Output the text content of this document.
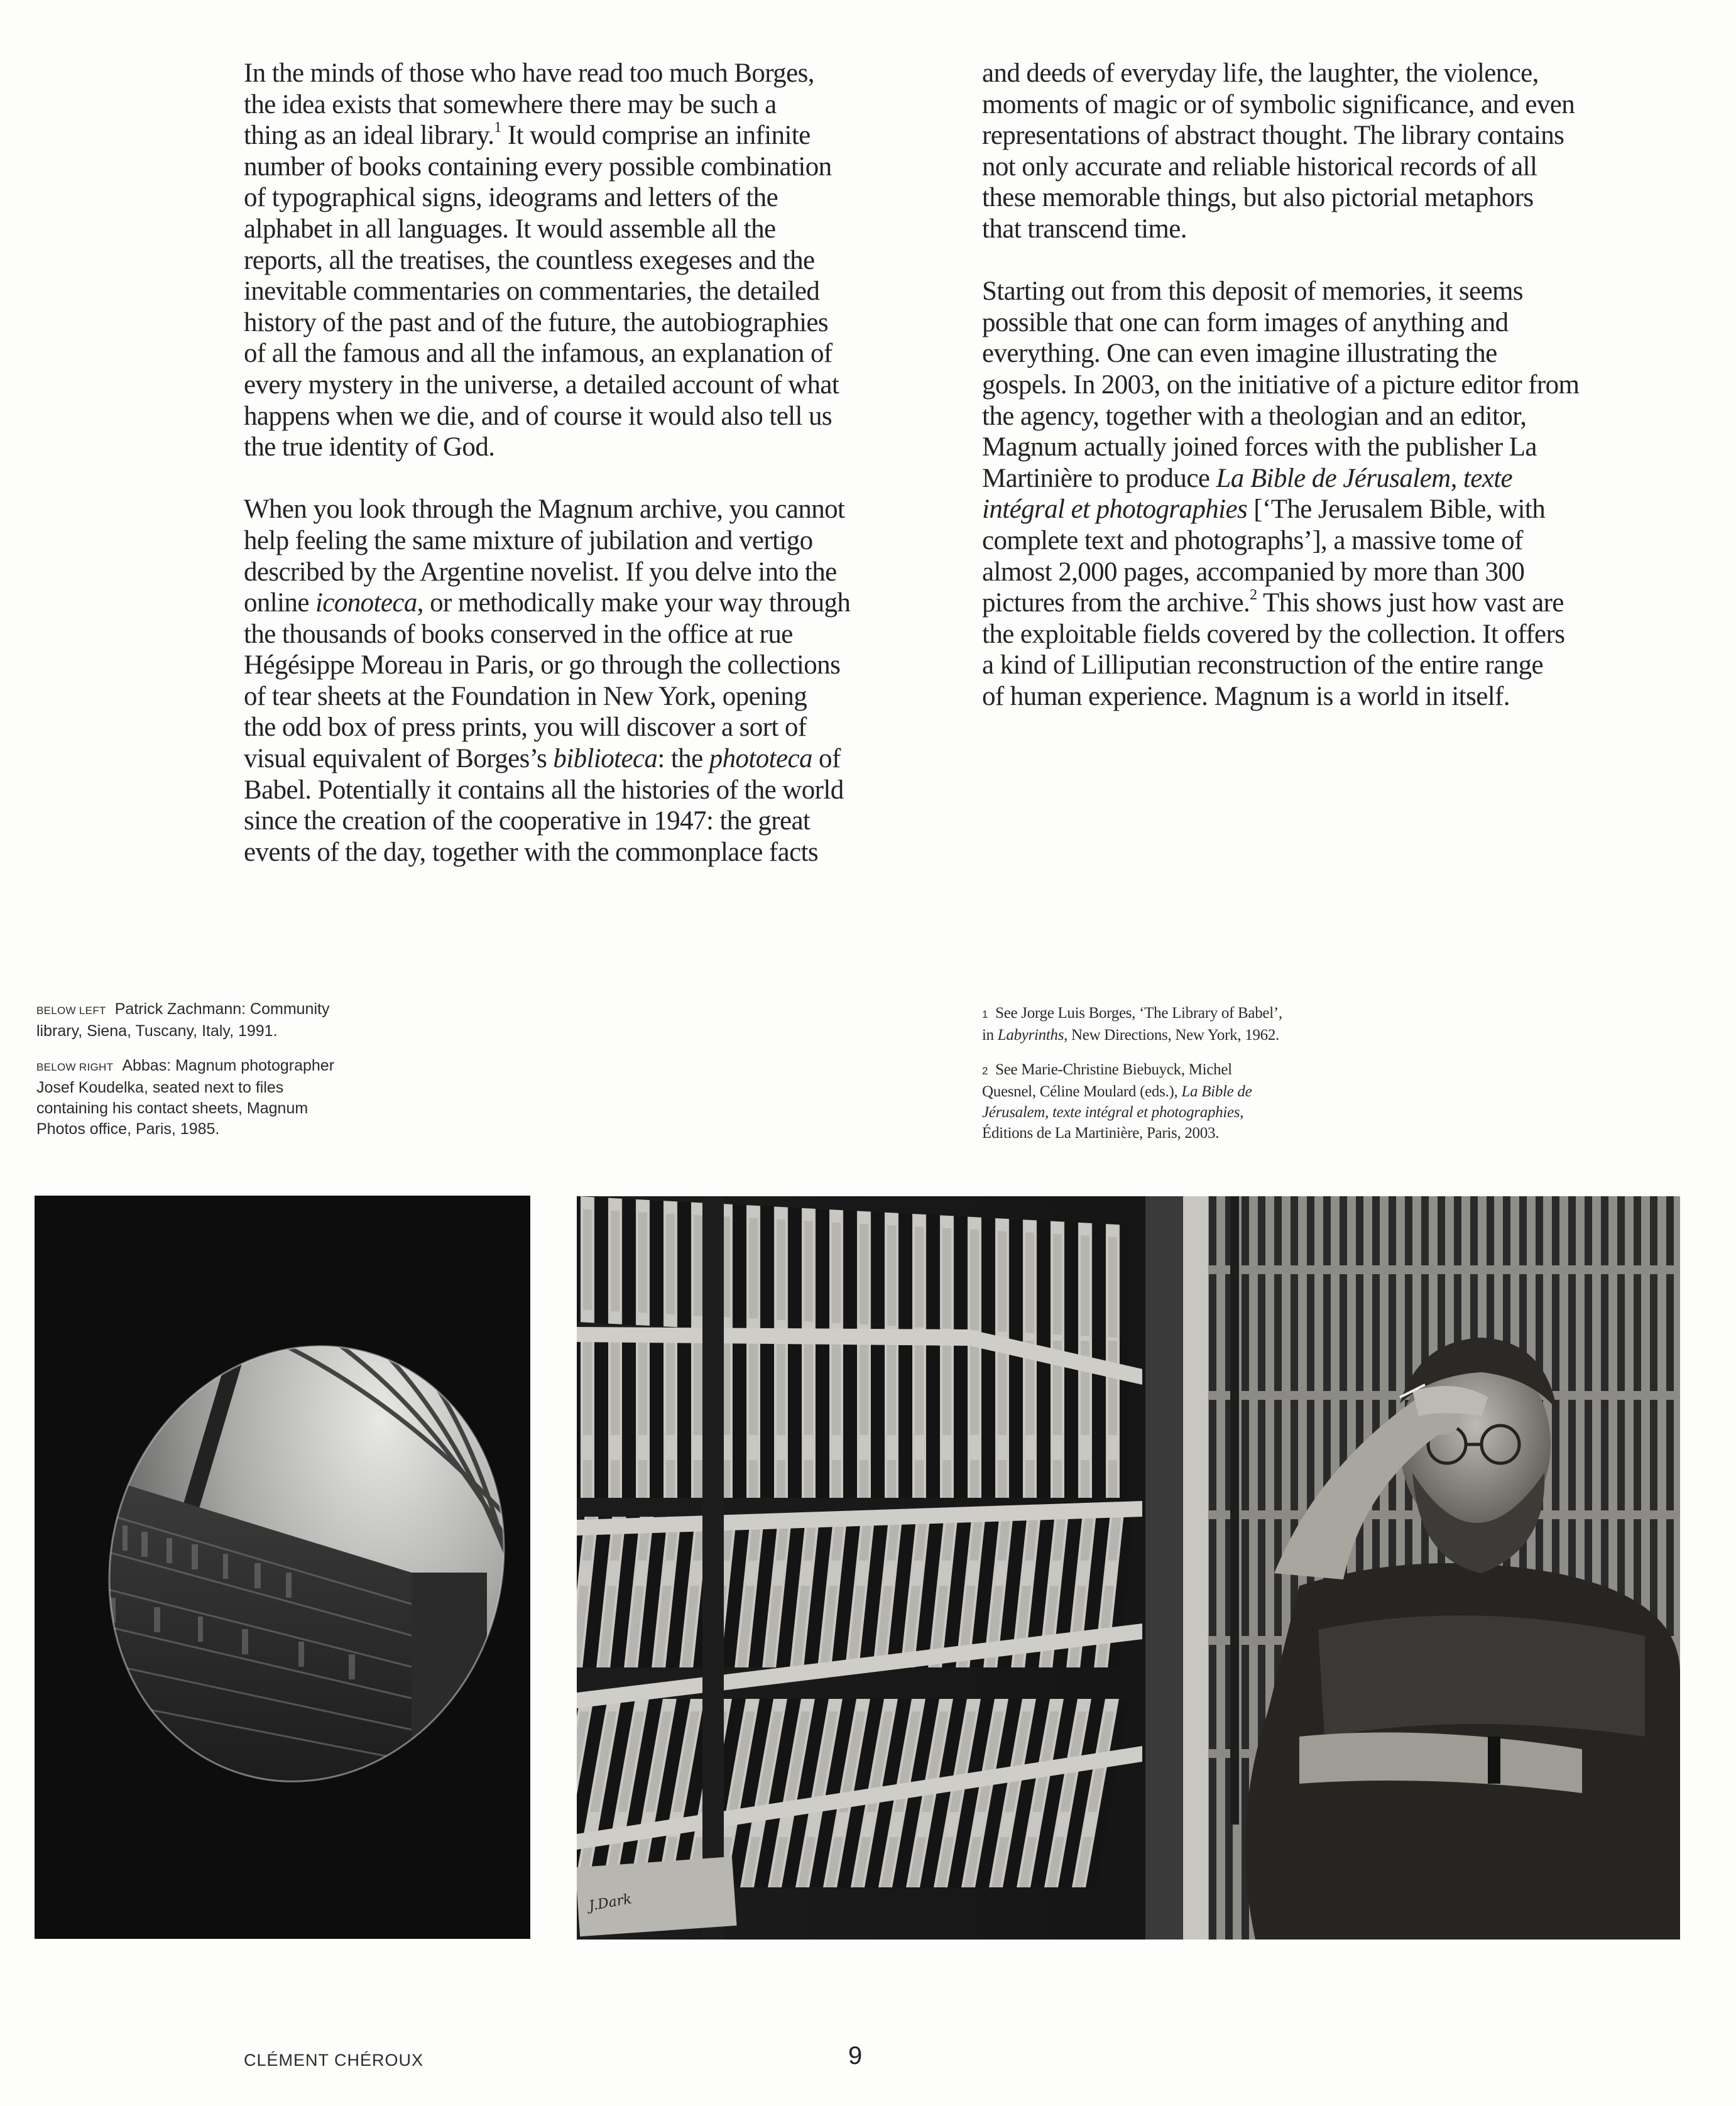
In the minds of those who have read too much Borges,
the idea exists that somewhere there may be such a
thing as an ideal library.$^1$ It would comprise an infinite
number of books containing every possible combination
of typographical signs, ideograms and letters of the
alphabet in all languages. It would assemble all the
reports, all the treatises, the countless exegeses and the
inevitable commentaries on commentaries, the detailed
history of the past and of the future, the autobiographies
of all the famous and all the infamous, an explanation of
every mystery in the universe, a detailed account of what
happens when we die, and of course it would also tell us
the true identity of God.

When you look through the Magnum archive, you cannot
help feeling the same mixture of jubilation and vertigo
described by the Argentine novelist. If you delve into the
online iconoteca, or methodically make your way through
the thousands of books conserved in the office at rue
Hégésippe Moreau in Paris, or go through the collections
of tear sheets at the Foundation in New York, opening
the odd box of press prints, you will discover a sort of
visual equivalent of Borges’s biblioteca: the phototeca of
Babel. Potentially it contains all the histories of the world
since the creation of the cooperative in 1947: the great
events of the day, together with the commonplace facts

and deeds of everyday life, the laughter, the violence,
moments of magic or of symbolic significance, and even
representations of abstract thought. The library contains
not only accurate and reliable historical records of all
these memorable things, but also pictorial metaphors
that transcend time.

Starting out from this deposit of memories, it seems
possible that one can form images of anything and
everything. One can even imagine illustrating the
gospels. In 2003, on the initiative of a picture editor from
the agency, together with a theologian and an editor,
Magnum actually joined forces with the publisher La
Martinière to produce La Bible de Jérusalem, texte
intégral et photographies [‘The Jerusalem Bible, with
complete text and photographs’], a massive tome of
almost 2,000 pages, accompanied by more than 300
pictures from the archive.$^2$ This shows just how vast are
the exploitable fields covered by the collection. It offers
a kind of Lilliputian reconstruction of the entire range
of human experience. Magnum is a world in itself.

BELOW LEFT Patrick Zachmann: Community
library, Siena, Tuscany, Italy, 1991.
BELOW RIGHT Abbas: Magnum photographer
Josef Koudelka, seated next to files
containing his contact sheets, Magnum
Photos office, Paris, 1985.
1 See Jorge Luis Borges, ‘The Library of Babel’,
in Labyrinths, New Directions, New York, 1962.
2 See Marie-Christine Biebuyck, Michel
Quesnel, Céline Moulard (eds.), La Bible de
Jérusalem, texte intégral et photographies,
Éditions de La Martinière, Paris, 2003.
J.Dark
CLÉMENT CHÉROUX	9
